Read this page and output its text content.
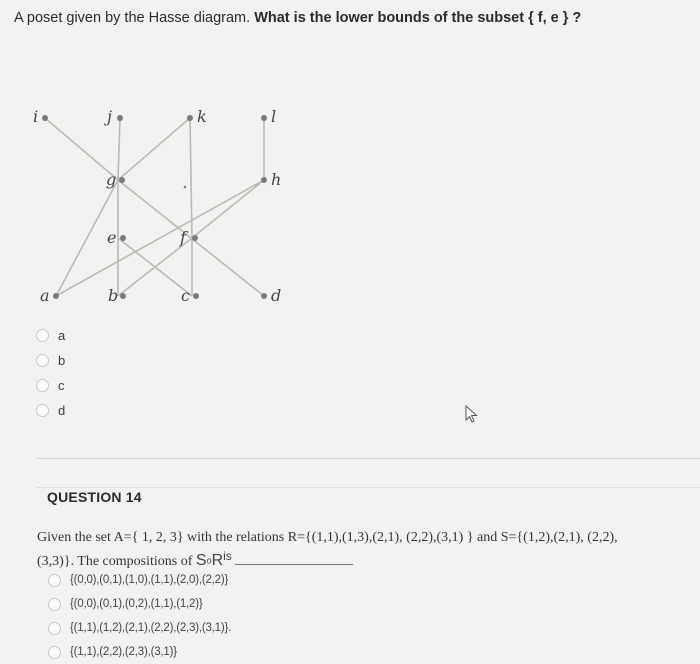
A poset given by the Hasse diagram. What is the lower bounds of the subset { f, e } ?
i	j	k	l
g	h
e	f
a	b	c	d
a
b
c
d
QUESTION 14
Given the set A={ 1, 2, 3} with the relations R={(1,1),(1,3),(2,1), (2,2),(3,1) } and S={(1,2),(2,1), (2,2),
(3,3)}. The compositions of SoR$^{is}$
{(0,0),(0,1),(1,0),(1,1),(2,0),(2,2)}
{(0,0),(0,1),(0,2),(1,1),(1,2)}
{(1,1),(1,2),(2,1),(2,2),(2,3),(3,1)}.
{(1,1),(2,2),(2,3),(3,1)}
